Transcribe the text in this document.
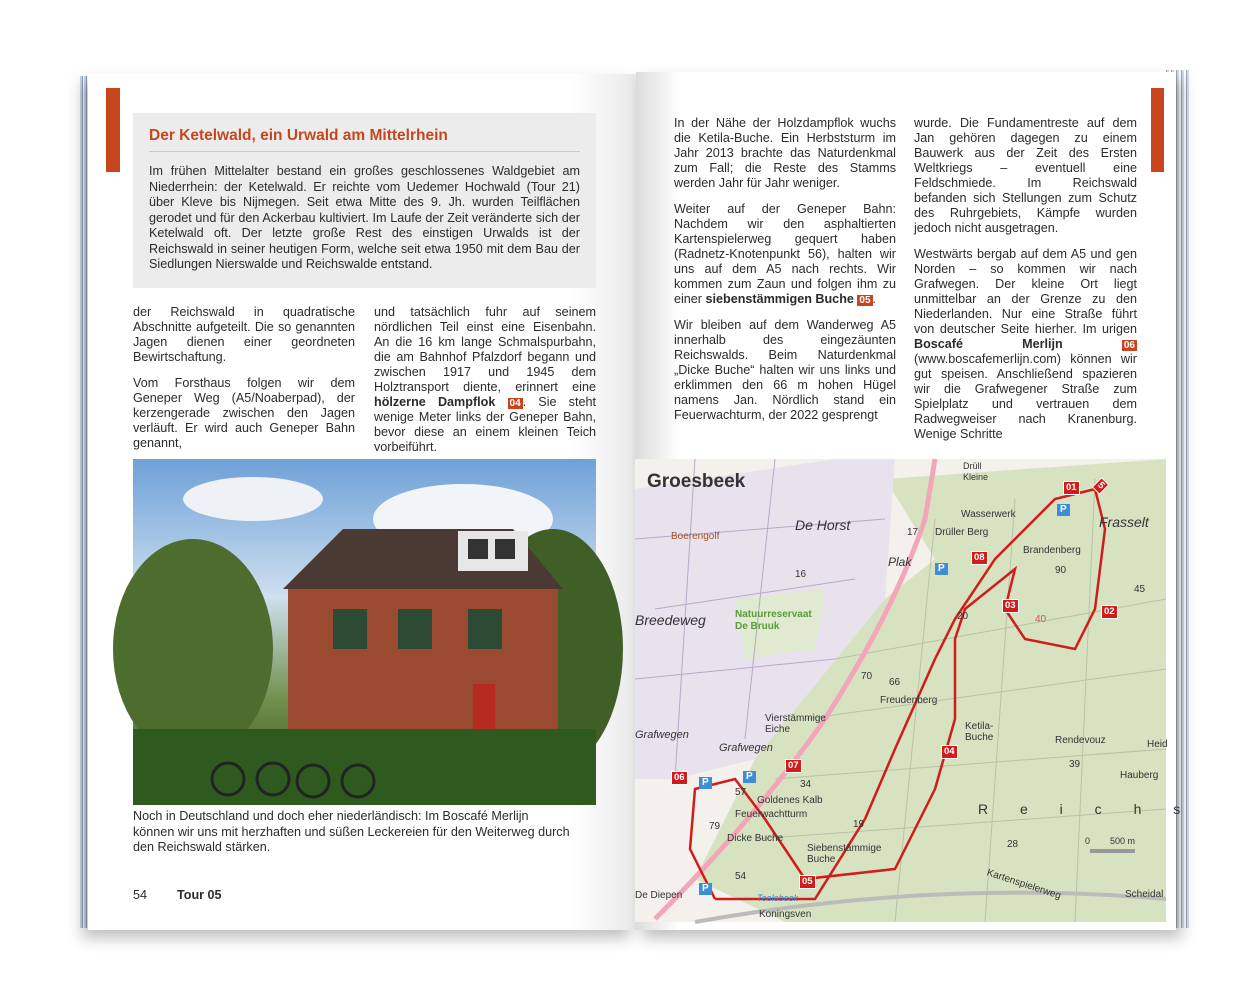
Der Ketelwald, ein Urwald am Mittelrhein
Im frühen Mittelalter bestand ein großes geschlossenes Waldgebiet am Niederrhein: der Ketelwald. Er reichte vom Uedemer Hochwald (Tour 21) über Kleve bis Nijmegen. Seit etwa Mitte des 9. Jh. wurden Teilflächen gerodet und für den Ackerbau kultiviert. Im Laufe der Zeit veränderte sich der Ketelwald oft. Der letzte große Rest des einstigen Urwalds ist der Reichswald in seiner heutigen Form, welche seit etwa 1950 mit dem Bau der Siedlungen Nierswalde und Reichswalde entstand.

der Reichswald in quadratische Abschnitte aufgeteilt. Die so genannten Jagen dienen einer geordneten Bewirtschaftung.

Vom Forsthaus folgen wir dem Geneper Weg (A5/Noaberpad), der kerzengerade zwischen den Jagen verläuft. Er wird auch Geneper Bahn genannt,

und tatsächlich fuhr auf seinem nördlichen Teil einst eine Eisenbahn. An die 16 km lange Schmalspurbahn, die am Bahnhof Pfalzdorf begann und zwischen 1917 und 1945 dem Holztransport diente, erinnert eine hölzerne Dampflok 04 . Sie steht wenige Meter links der Geneper Bahn, bevor diese an einem kleinen Teich vorbeiführt.

Noch in Deutschland und doch eher niederländisch: Im Boscafé Merlijn können wir uns mit herzhaften und süßen Leckereien für den Weiterweg durch den Reichswald stärken.
54 Tour 05

In der Nähe der Holzdampflok wuchs die Ketila-Buche. Ein Herbststurm im Jahr 2013 brachte das Naturdenkmal zum Fall; die Reste des Stamms werden Jahr für Jahr weniger.

Weiter auf der Geneper Bahn: Nachdem wir den asphaltierten Kartenspielerweg gequert haben (Radnetz-Knotenpunkt 56), halten wir uns auf dem A5 nach rechts. Wir kommen zum Zaun und folgen ihm zu einer siebenstämmigen Buche 05 .

Wir bleiben auf dem Wanderweg A5 innerhalb des eingezäunten Reichswalds. Beim Naturdenkmal „Dicke Buche“ halten wir uns links und erklimmen den 66 m hohen Hügel namens Jan. Nördlich stand ein Feuerwachturm, der 2022 gesprengt

wurde. Die Fundamentreste auf dem Jan gehören dagegen zu einem Bauwerk aus der Zeit des Ersten Weltkriegs – eventuell eine Feldschmiede. Im Reichswald befanden sich Stellungen zum Schutz des Ruhrgebiets, Kämpfe wurden jedoch nicht ausgetragen.

Westwärts bergab auf dem A5 und gen Norden – so kommen wir nach Grafwegen. Der kleine Ort liegt unmittelbar an der Grenze zu den Niederlanden. Nur eine Straße führt von deutscher Seite hierher. Im urigen Boscafé Merlijn	06 (www.boscafemerlijn.com) können wir gut speisen. Anschließend spazieren wir die Grafwegener Straße zum Spielplatz und vertrauen dem Radwegweiser nach Kranenburg. Wenige Schritte

Groesbeek
De Horst
Plak
Boerengolf
Breedeweg	Natuurreservaat De Bruuk
Grafwegen
Grafwegen
Drüller Berg
Wasserwerk
Brandenberg
Frasselt
Freudenberg
Vierstämmige Eiche
Goldenes Kalb
Feuerwachtturm
Dicke Buche
Siebenstämmige Buche
Ketila-Buche	Rendevouz
Hauberg
Heid
R e i c h s
Kartenspielerweg	Scheidal
De Diepen	Teelebeek
Koningsven
Drüll Kleine
0 500 m
90
45
40
20
17
16
70
66
34
57
79	19
28
39
54
01
02
03
04
05
06
07
08
P
P
P
P
P
5
